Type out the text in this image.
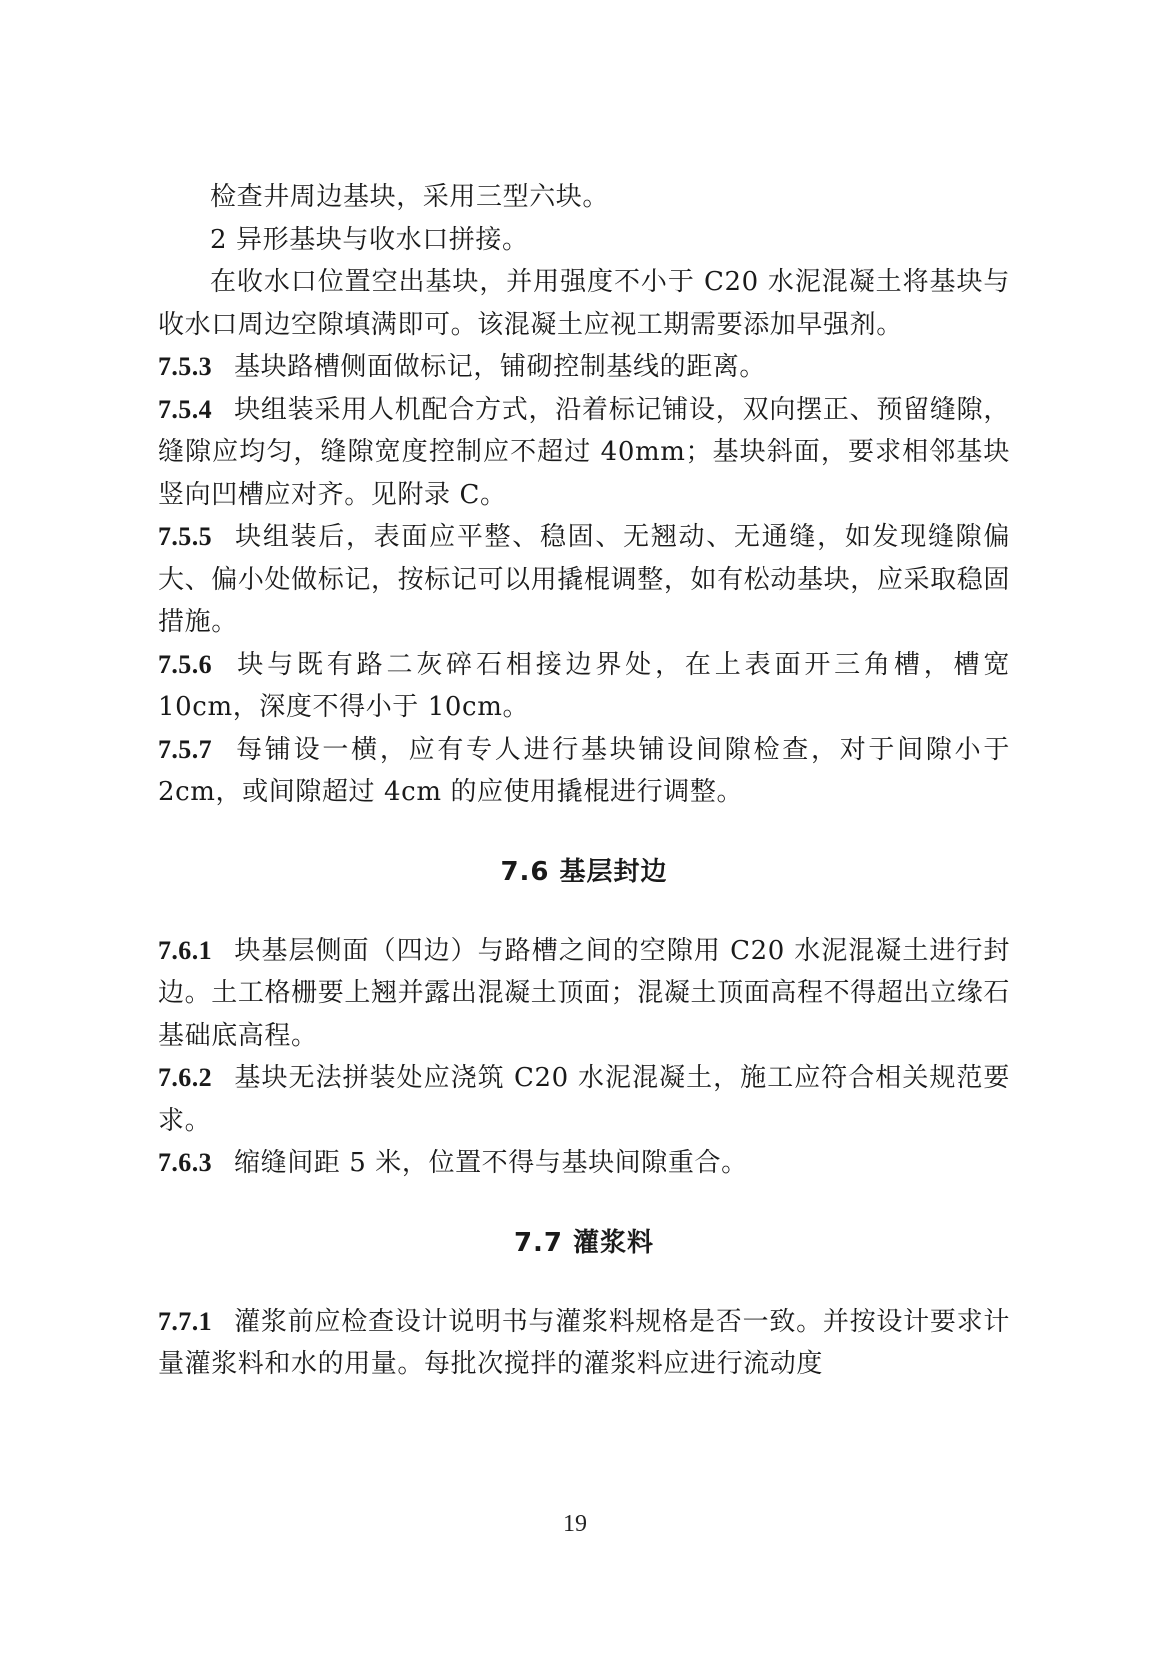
检查井周边基块，采用三型六块。

2 异形基块与收水口拼接。

在收水口位置空出基块，并用强度不小于 C20 水泥混凝土将基块与收水口周边空隙填满即可。该混凝土应视工期需要添加早强剂。

7.5.3 基块路槽侧面做标记，铺砌控制基线的距离。

7.5.4 块组装采用人机配合方式，沿着标记铺设，双向摆正、预留缝隙，缝隙应均匀，缝隙宽度控制应不超过 40mm；基块斜面，要求相邻基块竖向凹槽应对齐。见附录 C。

7.5.5 块组装后，表面应平整、稳固、无翘动、无通缝，如发现缝隙偏大、偏小处做标记，按标记可以用撬棍调整，如有松动基块，应采取稳固措施。

7.5.6 块与既有路二灰碎石相接边界处，在上表面开三角槽，槽宽 10cm，深度不得小于 10cm。

7.5.7 每铺设一横，应有专人进行基块铺设间隙检查，对于间隙小于 2cm，或间隙超过 4cm 的应使用撬棍进行调整。

7.6 基层封边

7.6.1 块基层侧面（四边）与路槽之间的空隙用 C20 水泥混凝土进行封边。土工格栅要上翘并露出混凝土顶面；混凝土顶面高程不得超出立缘石基础底高程。

7.6.2 基块无法拼装处应浇筑 C20 水泥混凝土，施工应符合相关规范要求。

7.6.3 缩缝间距 5 米，位置不得与基块间隙重合。

7.7 灌浆料

7.7.1 灌浆前应检查设计说明书与灌浆料规格是否一致。并按设计要求计量灌浆料和水的用量。每批次搅拌的灌浆料应进行流动度

19
